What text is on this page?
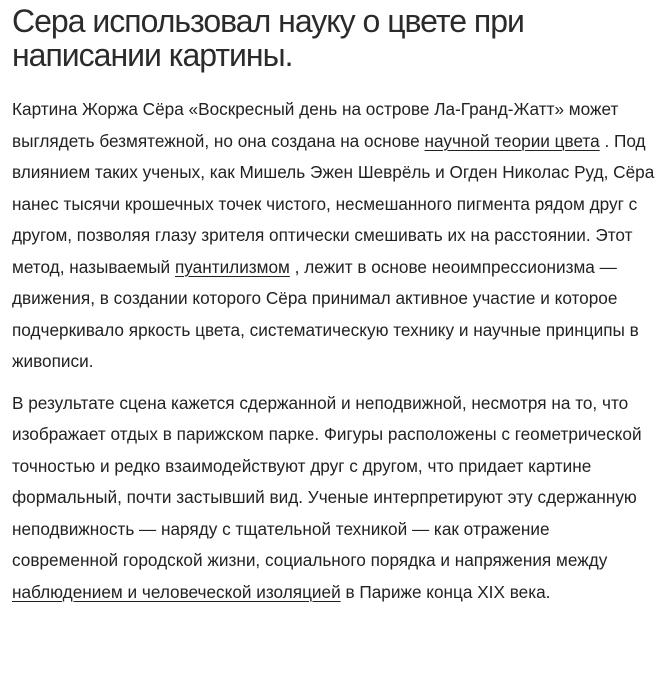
Сера использовал науку о цвете при написании картины.

Картина Жоржа Сёра «Воскресный день на острове Ла-Гранд-Жатт» может выглядеть безмятежной, но она создана на основе научной теории цвета . Под влиянием таких ученых, как Мишель Эжен Шеврёль и Огден Николас Руд, Сёра нанес тысячи крошечных точек чистого, несмешанного пигмента рядом друг с другом, позволяя глазу зрителя оптически смешивать их на расстоянии. Этот метод, называемый пуантилизмом , лежит в основе неоимпрессионизма — движения, в создании которого Сёра принимал активное участие и которое подчеркивало яркость цвета, систематическую технику и научные принципы в живописи.

В результате сцена кажется сдержанной и неподвижной, несмотря на то, что изображает отдых в парижском парке. Фигуры расположены с геометрической точностью и редко взаимодействуют друг с другом, что придает картине формальный, почти застывший вид. Ученые интерпретируют эту сдержанную неподвижность — наряду с тщательной техникой — как отражение современной городской жизни, социального порядка и напряжения между наблюдением и человеческой изоляцией в Париже конца XIX века.
